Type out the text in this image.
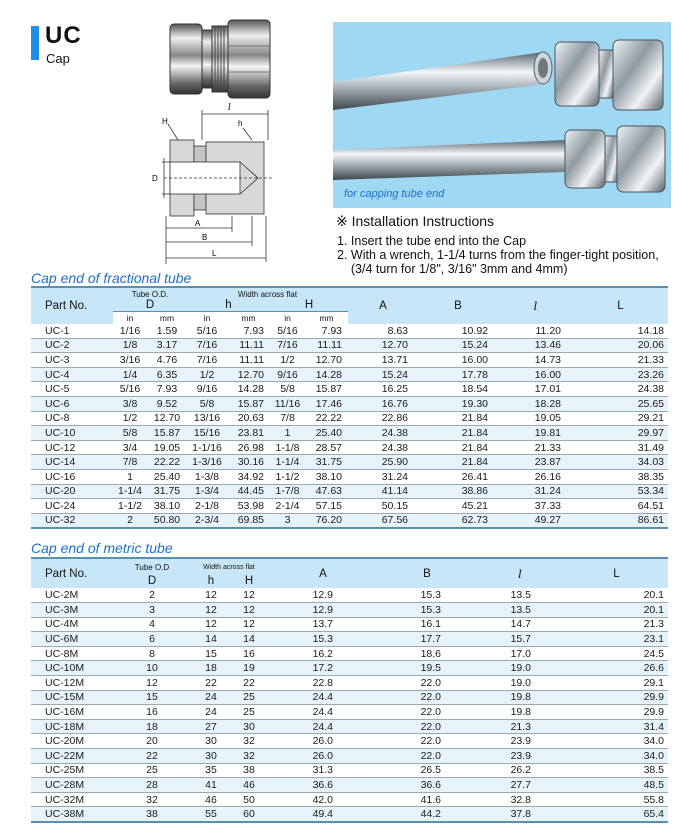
UC
Cap
l
H	h
D
A
B
L
for capping tube end
※ Installation Instructions
1. Insert the tube end into the Cap
2. With a wrench, 1-1/4 turns from the finger-tight position,
(3/4 turn for 1/8", 3/16" 3mm and 4mm)
Cap end of fractional tube
Part No.	Tube O.D.		Width across flat				A	B	l	L
	D		h		H					
	in	mm	in	mm	in	mm				
UC-1	1/16	1.59	5/16	7.93	5/16	7.93	8.63	10.92	11.20	14.18
UC-2	1/8	3.17	7/16	11.11	7/16	11.11	12.70	15.24	13.46	20.06
UC-3	3/16	4.76	7/16	11.11	1/2	12.70	13.71	16.00	14.73	21.33
UC-4	1/4	6.35	1/2	12.70	9/16	14.28	15.24	17.78	16.00	23.26
UC-5	5/16	7.93	9/16	14.28	5/8	15.87	16.25	18.54	17.01	24.38
UC-6	3/8	9.52	5/8	15.87	11/16	17.46	16.76	19.30	18.28	25.65
UC-8	1/2	12.70	13/16	20.63	7/8	22.22	22.86	21.84	19.05	29.21
UC-10	5/8	15.87	15/16	23.81	1	25.40	24.38	21.84	19.81	29.97
UC-12	3/4	19.05	1-1/16	26.98	1-1/8	28.57	24.38	21.84	21.33	31.49
UC-14	7/8	22.22	1-3/16	30.16	1-1/4	31.75	25.90	21.84	23.87	34.03
UC-16	1	25.40	1-3/8	34.92	1-1/2	38.10	31.24	26.41	26.16	38.35
UC-20	1-1/4	31.75	1-3/4	44.45	1-7/8	47.63	41.14	38.86	31.24	53.34
UC-24	1-1/2	38.10	2-1/8	53.98	2-1/4	57.15	50.15	45.21	37.33	64.51
UC-32	2	50.80	2-3/4	69.85	3	76.20	67.56	62.73	49.27	86.61
Cap end of metric tube
Part No.	Tube O.D	Width across flat		A	B	l	L
	D	h	H				
UC-2M	2	12	12	12.9	15.3	13.5	20.1
UC-3M	3	12	12	12.9	15.3	13.5	20.1
UC-4M	4	12	12	13.7	16.1	14.7	21.3
UC-6M	6	14	14	15.3	17.7	15.7	23.1
UC-8M	8	15	16	16.2	18.6	17.0	24.5
UC-10M	10	18	19	17.2	19.5	19.0	26.6
UC-12M	12	22	22	22.8	22.0	19.0	29.1
UC-15M	15	24	25	24.4	22.0	19.8	29.9
UC-16M	16	24	25	24.4	22.0	19.8	29.9
UC-18M	18	27	30	24.4	22.0	21.3	31.4
UC-20M	20	30	32	26.0	22.0	23.9	34.0
UC-22M	22	30	32	26.0	22.0	23.9	34.0
UC-25M	25	35	38	31.3	26.5	26.2	38.5
UC-28M	28	41	46	36.6	36.6	27.7	48.5
UC-32M	32	46	50	42.0	41.6	32.8	55.8
UC-38M	38	55	60	49.4	44.2	37.8	65.4
